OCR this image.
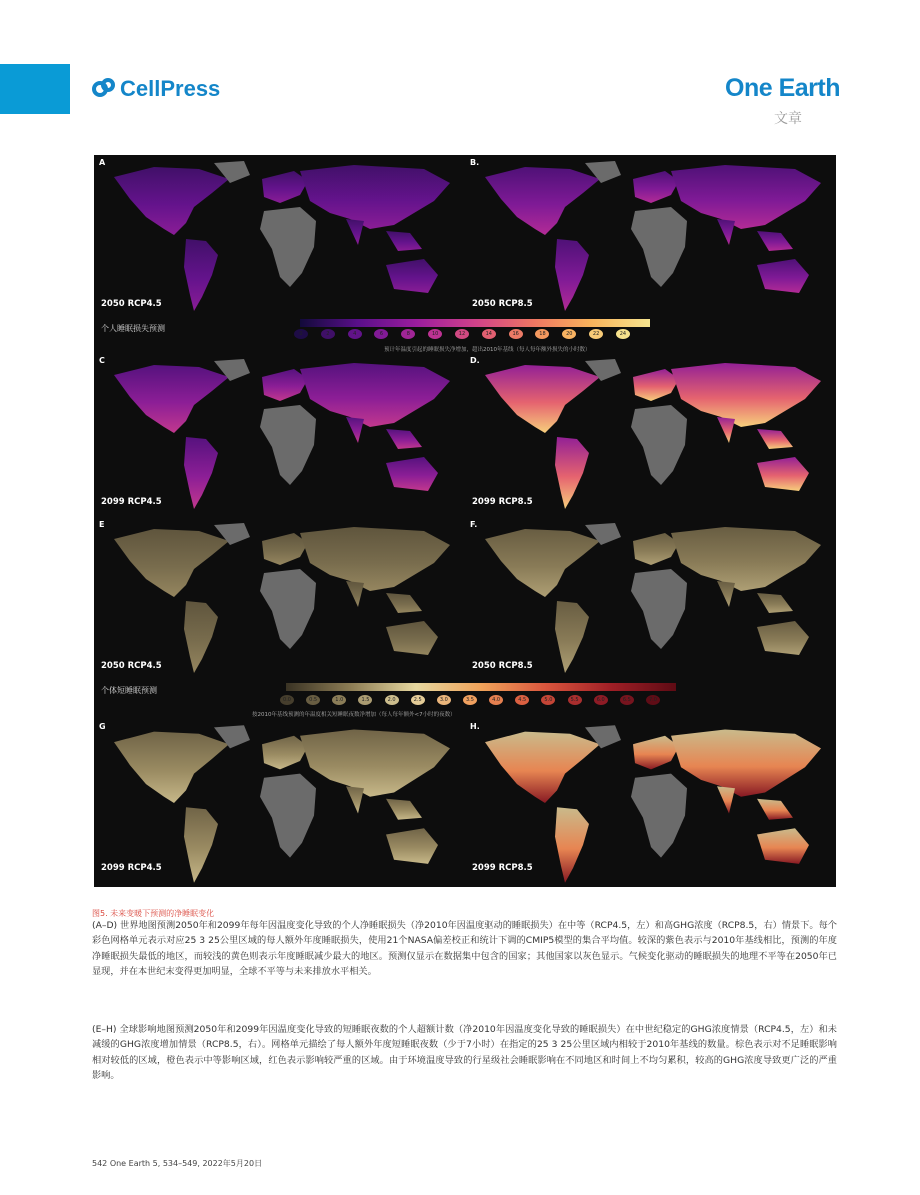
CellPress	One Earth
文章
A
2050 RCP4.5
B.
2050 RCP8.5
个人睡眠损失预测
0	2	4	6	8	10	12	14	16	18	20	22	24
预计年温度引起的睡眠损失净增加，超出2010年基线（每人每年额外损失的小时数）
C
2099 RCP4.5
D.
2099 RCP8.5
E
2050 RCP4.5
F.
2050 RCP8.5
个体短睡眠预测
0.0	0.5	1.0	1.5	2.0	2.5	3.0	3.5	4.0	4.5	5.0	5.5	6.0	6.5	7.0
按2010年基线预测的年温度相关短睡眠夜数净增加（每人每年额外<7小时的夜数）
G
2099 RCP4.5
H.
2099 RCP8.5
图5. 未来变暖下预测的净睡眠变化

(A–D) 世界地图预测2050年和2099年每年因温度变化导致的个人净睡眠损失（净2010年因温度驱动的睡眠损失）在中等（RCP4.5，左）和高GHG浓度（RCP8.5，右）情景下。每个彩色网格单元表示对应25 3 25公里区域的每人额外年度睡眠损失，使用21个NASA偏差校正和统计下调的CMIP5模型的集合平均值。较深的紫色表示与2010年基线相比，预测的年度净睡眠损失最低的地区，而较浅的黄色则表示年度睡眠减少最大的地区。预测仅显示在数据集中包含的国家；其他国家以灰色显示。气候变化驱动的睡眠损失的地理不平等在2050年已显现，并在本世纪末变得更加明显，全球不平等与未来排放水平相关。

(E–H) 全球影响地图预测2050年和2099年因温度变化导致的短睡眠夜数的个人超额计数（净2010年因温度变化导致的睡眠损失）在中世纪稳定的GHG浓度情景（RCP4.5，左）和未减缓的GHG浓度增加情景（RCP8.5，右）。网格单元描绘了每人额外年度短睡眠夜数（少于7小时）在指定的25 3 25公里区域内相较于2010年基线的数量。棕色表示对不足睡眠影响相对较低的区域，橙色表示中等影响区域，红色表示影响较严重的区域。由于环境温度导致的行星级社会睡眠影响在不同地区和时间上不均匀累积，较高的GHG浓度导致更广泛的严重影响。

542 One Earth 5, 534–549, 2022年5月20日
